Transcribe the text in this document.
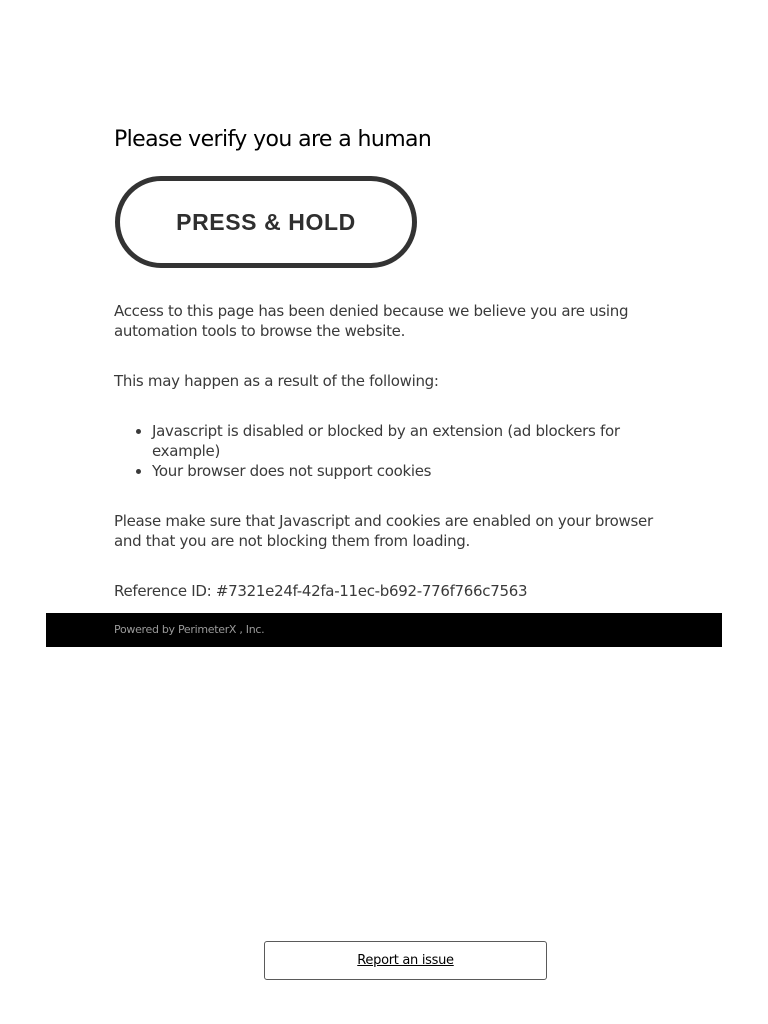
Please verify you are a human
PRESS & HOLD

Access to this page has been denied because we believe you are using automation tools to browse the website.

This may happen as a result of the following:

• Javascript is disabled or blocked by an extension (ad blockers for example)
• Your browser does not support cookies

Please make sure that Javascript and cookies are enabled on your browser and that you are not blocking them from loading.

Reference ID: #7321e24f-42fa-11ec-b692-776f766c7563

Powered by PerimeterX , Inc.
Report an issue
